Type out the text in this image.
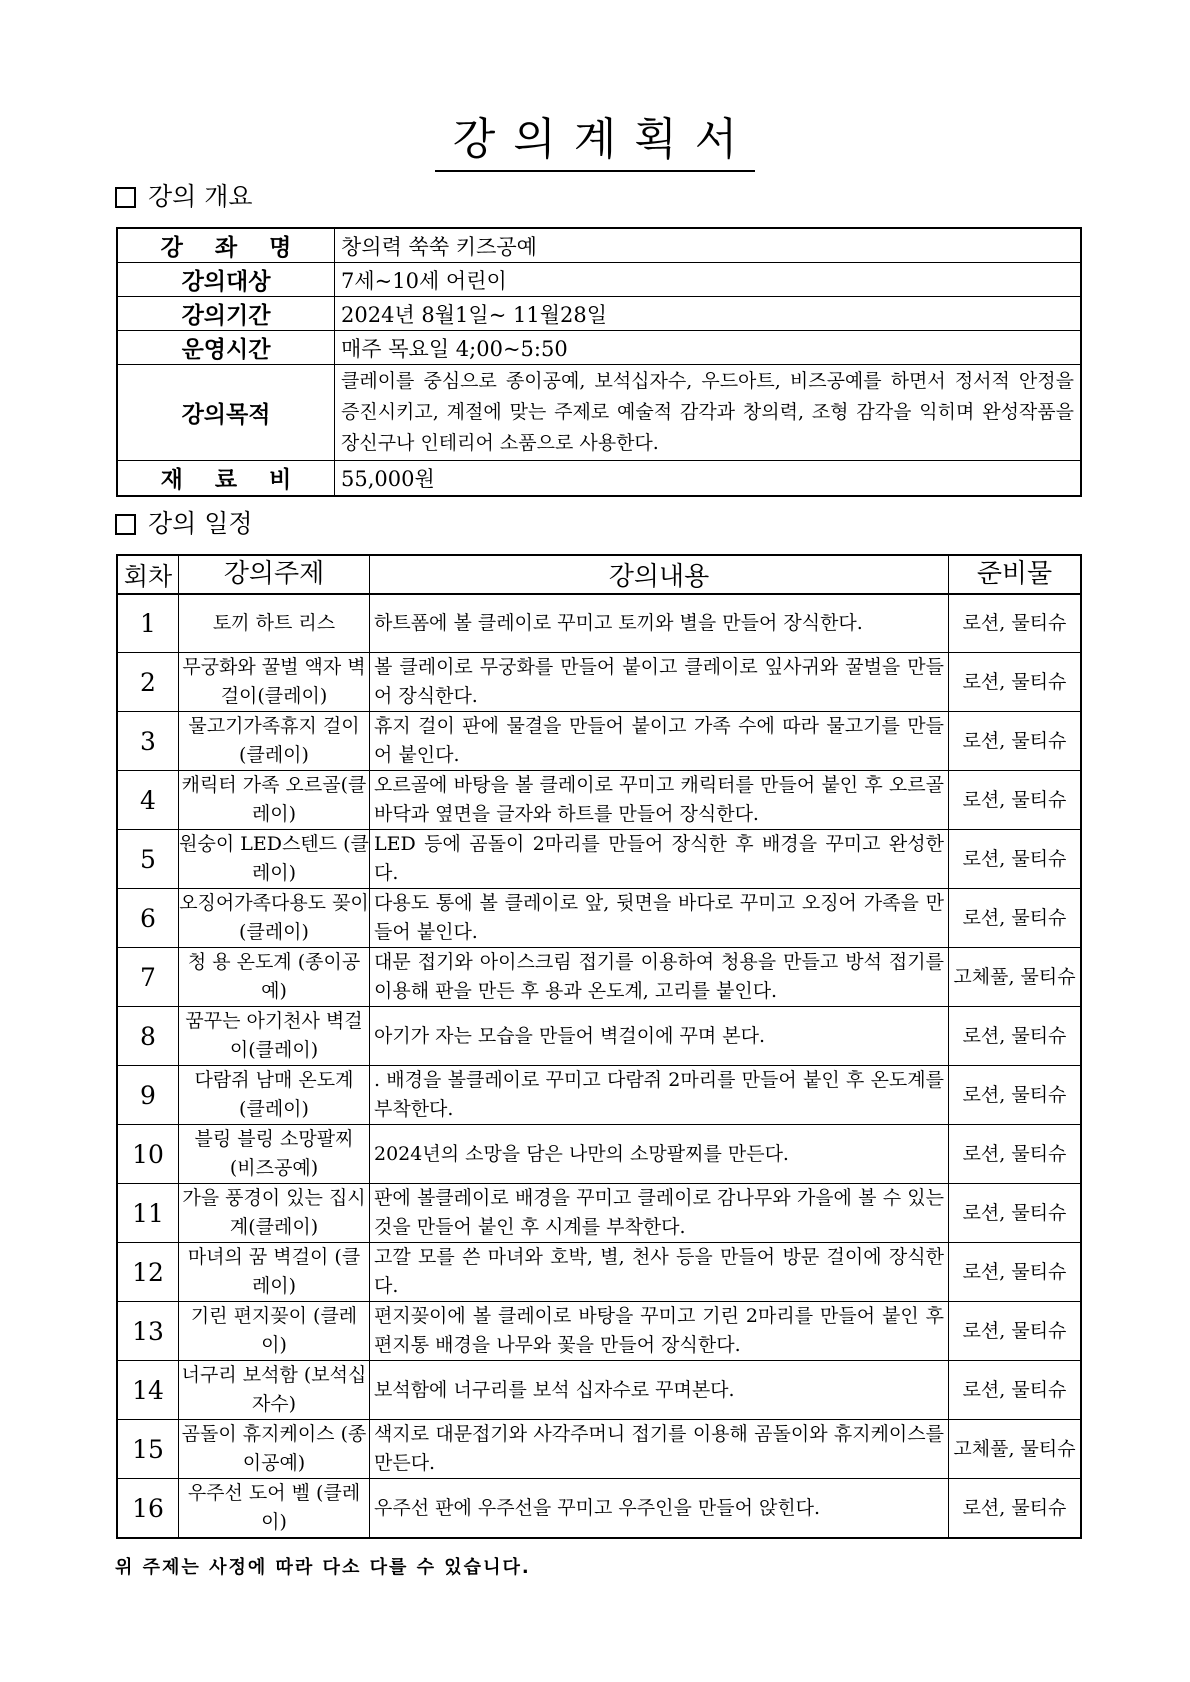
강의계획서
강의 개요
강 좌 명	창의력 쑥쑥 키즈공예
강의대상	7세~10세 어린이
강의기간	2024년 8월1일~ 11월28일
운영시간	매주 목요일 4;00~5:50
강의목적	클레이를 중심으로 종이공예, 보석십자수, 우드아트, 비즈공예를 하면서 정서적 안정을 증진시키고, 계절에 맞는 주제로 예술적 감각과 창의력, 조형 감각을 익히며 완성작품을 장신구나 인테리어 소품으로 사용한다.
재 료 비	55,000원
강의 일정
회차	강의주제	강의내용	준비물
1	토끼 하트 리스	하트폼에 볼 클레이로 꾸미고 토끼와 별을 만들어 장식한다.	로션, 물티슈
2	무궁화와 꿀벌 액자 벽걸이(클레이)	볼 클레이로 무궁화를 만들어 붙이고 클레이로 잎사귀와 꿀벌을 만들어 장식한다.	로션, 물티슈
3	물고기가족휴지 걸이(클레이)	휴지 걸이 판에 물결을 만들어 붙이고 가족 수에 따라 물고기를 만들어 붙인다.	로션, 물티슈
4	캐릭터 가족 오르골(클레이)	오르골에 바탕을 볼 클레이로 꾸미고 캐릭터를 만들어 붙인 후 오르골 바닥과 옆면을 글자와 하트를 만들어 장식한다.	로션, 물티슈
5	원숭이 LED스텐드 (클레이)	LED 등에 곰돌이 2마리를 만들어 장식한 후 배경을 꾸미고 완성한다.	로션, 물티슈
6	오징어가족다용도 꽂이(클레이)	다용도 통에 볼 클레이로 앞, 뒷면을 바다로 꾸미고 오징어 가족을 만들어 붙인다.	로션, 물티슈
7	청 용 온도계 (종이공예)	대문 접기와 아이스크림 접기를 이용하여 청용을 만들고 방석 접기를 이용해 판을 만든 후 용과 온도계, 고리를 붙인다.	고체풀, 물티슈
8	꿈꾸는 아기천사 벽걸이(클레이)	아기가 자는 모습을 만들어 벽걸이에 꾸며 본다.	로션, 물티슈
9	다람쥐 남매 온도계 (클레이)	. 배경을 볼클레이로 꾸미고 다람쥐 2마리를 만들어 붙인 후 온도계를 부착한다.	로션, 물티슈
10	블링 블링 소망팔찌 (비즈공예)	2024년의 소망을 담은 나만의 소망팔찌를 만든다.	로션, 물티슈
11	가을 풍경이 있는 집시계(클레이)	판에 볼클레이로 배경을 꾸미고 클레이로 감나무와 가을에 볼 수 있는 것을 만들어 붙인 후 시계를 부착한다.	로션, 물티슈
12	마녀의 꿈 벽걸이 (클레이)	고깔 모를 쓴 마녀와 호박, 별, 천사 등을 만들어 방문 걸이에 장식한다.	로션, 물티슈
13	기린 편지꽂이 (클레이)	편지꽂이에 볼 클레이로 바탕을 꾸미고 기린 2마리를 만들어 붙인 후 편지통 배경을 나무와 꽃을 만들어 장식한다.	로션, 물티슈
14	너구리 보석함 (보석십자수)	보석함에 너구리를 보석 십자수로 꾸며본다.	로션, 물티슈
15	곰돌이 휴지케이스 (종이공예)	색지로 대문접기와 사각주머니 접기를 이용해 곰돌이와 휴지케이스를 만든다.	고체풀, 물티슈
16	우주선 도어 벨 (클레이)	우주선 판에 우주선을 꾸미고 우주인을 만들어 앉힌다.	로션, 물티슈
위 주제는 사정에 따라 다소 다를 수 있습니다.
